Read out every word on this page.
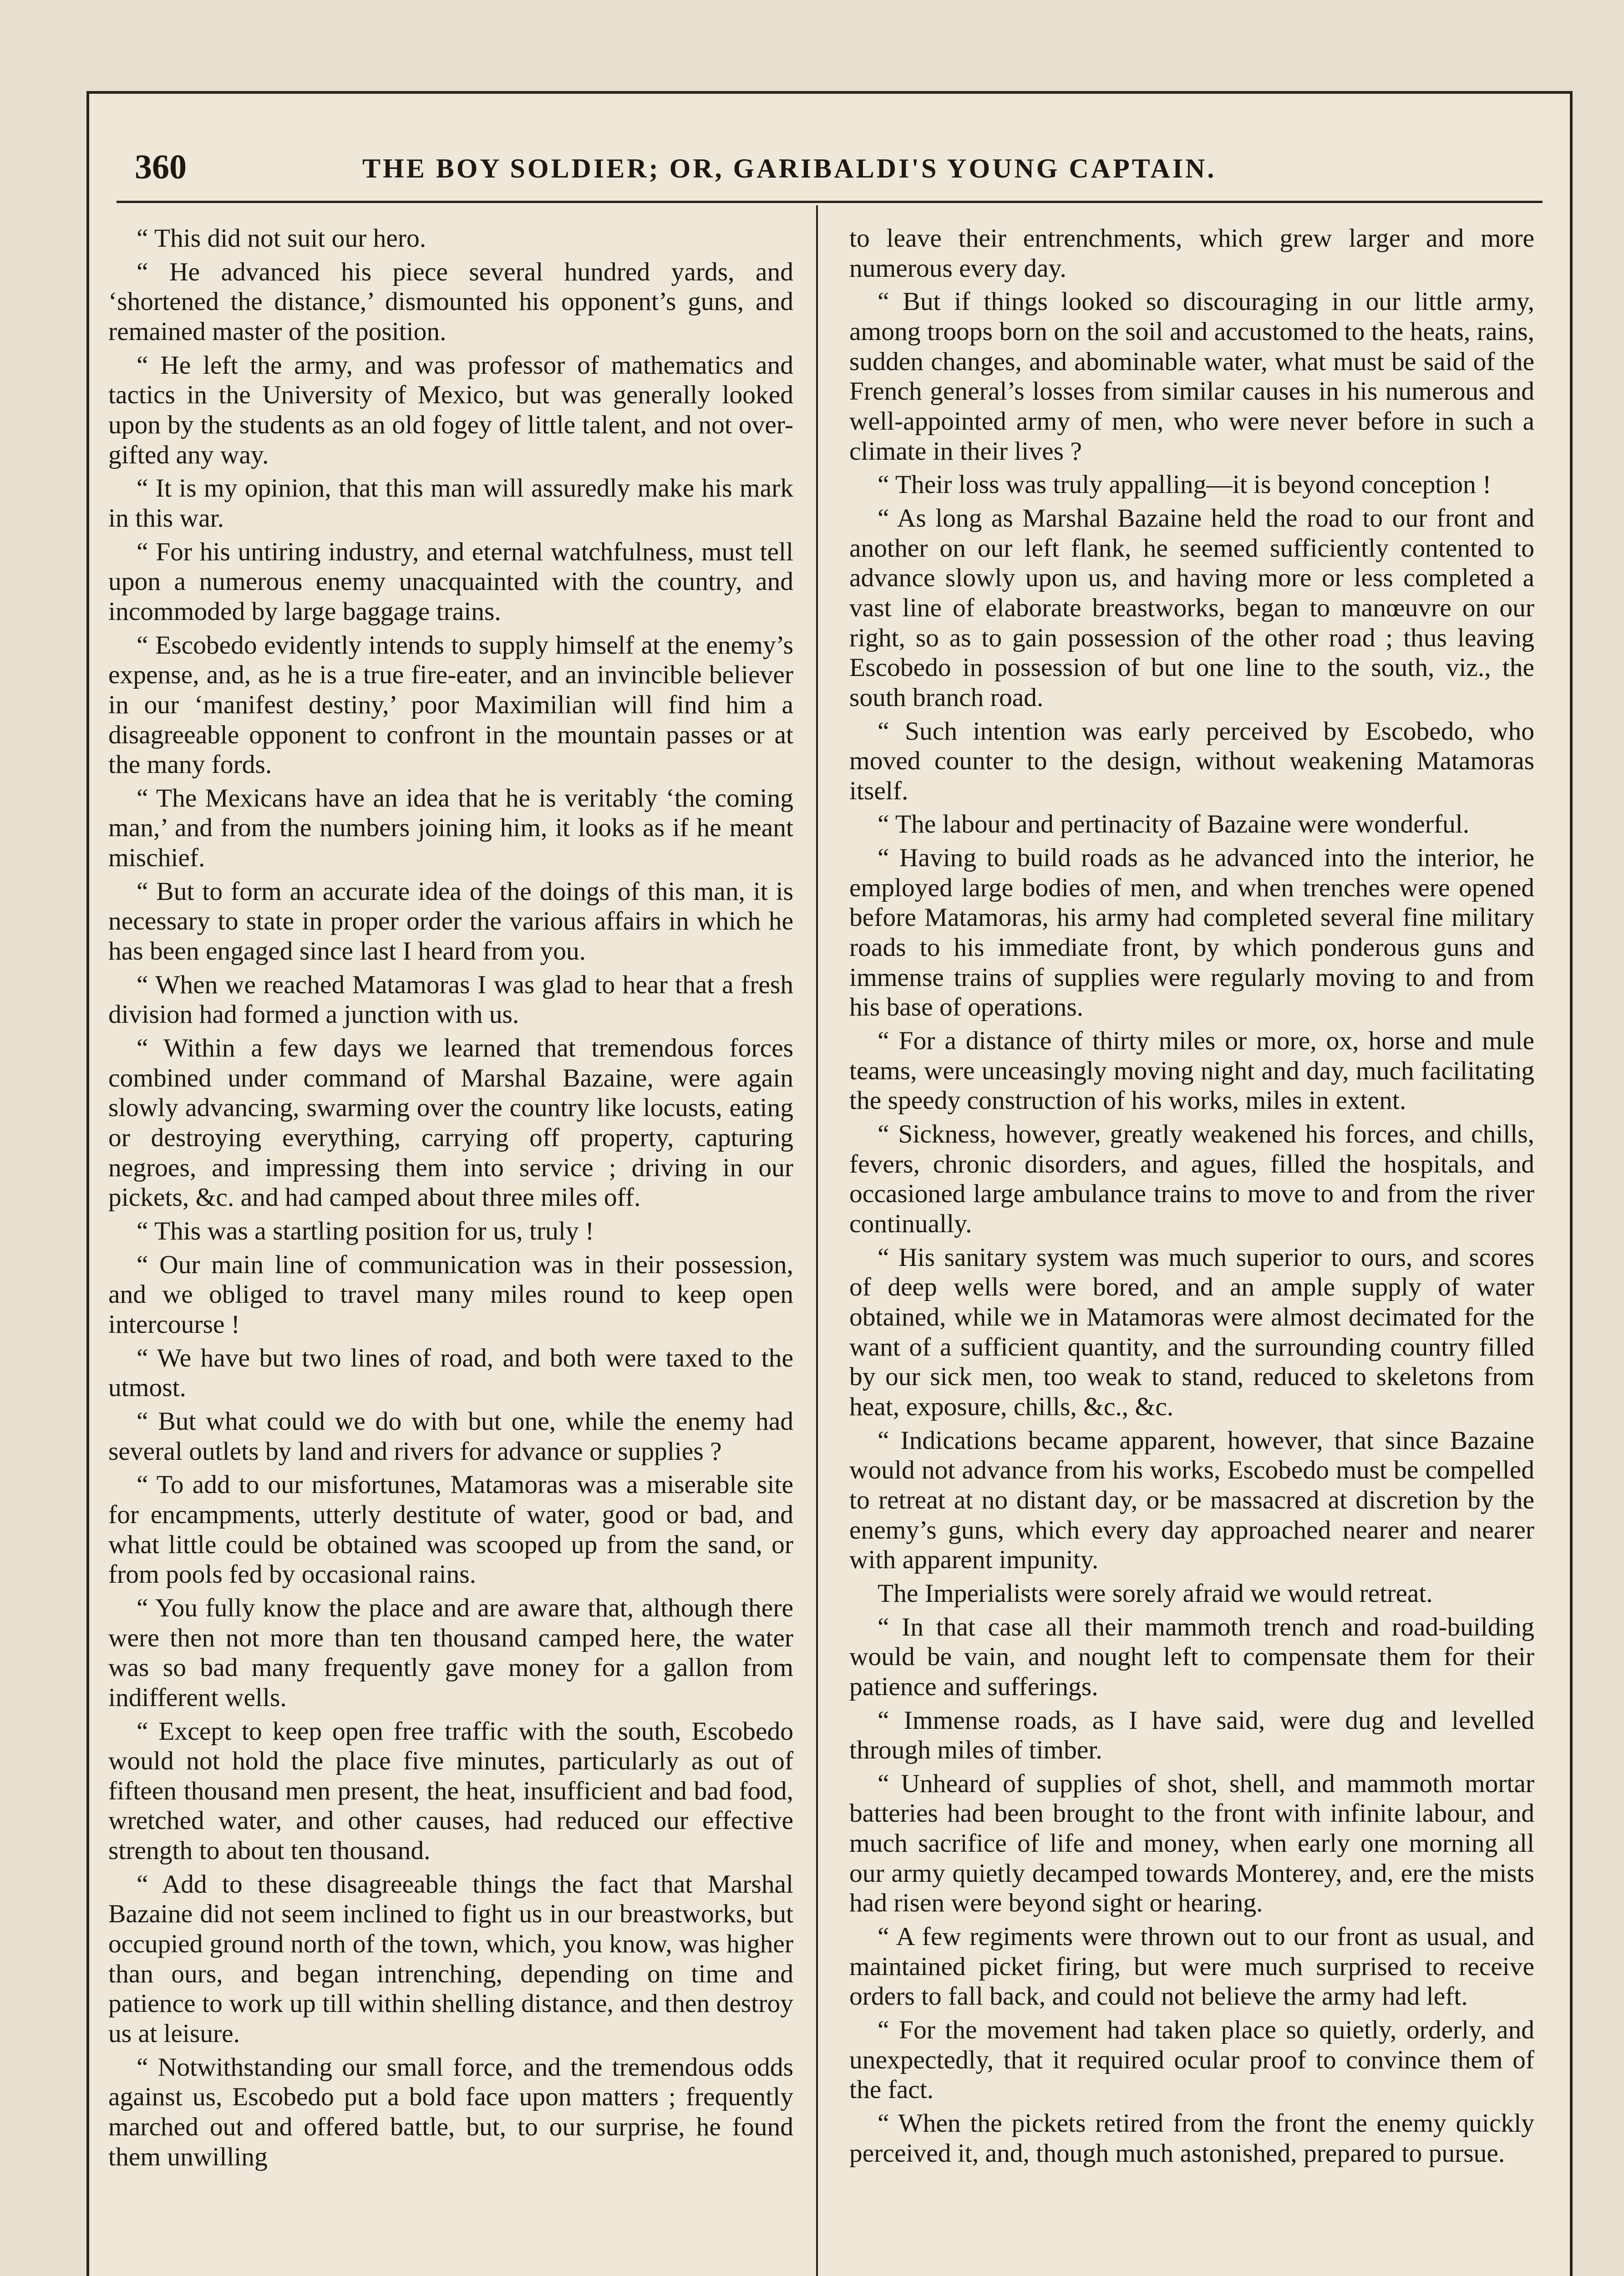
360	THE BOY SOLDIER; OR, GARIBALDI'S YOUNG CAPTAIN.

“ This did not suit our hero.

“ He advanced his piece several hundred yards, and ‘shortened the distance,’ dismounted his opponent’s guns, and remained master of the position.

“ He left the army, and was professor of mathematics and tactics in the University of Mexico, but was generally looked upon by the students as an old fogey of little talent, and not over-gifted any way.

“ It is my opinion, that this man will assuredly make his mark in this war.

“ For his untiring industry, and eternal watchfulness, must tell upon a numerous enemy unacquainted with the country, and incommoded by large baggage trains.

“ Escobedo evidently intends to supply himself at the enemy’s expense, and, as he is a true fire-eater, and an invincible believer in our ‘manifest destiny,’ poor Maximilian will find him a disagreeable opponent to confront in the mountain passes or at the many fords.

“ The Mexicans have an idea that he is veritably ‘the coming man,’ and from the numbers joining him, it looks as if he meant mischief.

“ But to form an accurate idea of the doings of this man, it is necessary to state in proper order the various affairs in which he has been engaged since last I heard from you.

“ When we reached Matamoras I was glad to hear that a fresh division had formed a junction with us.

“ Within a few days we learned that tremendous forces combined under command of Marshal Bazaine, were again slowly advancing, swarming over the country like locusts, eating or destroying everything, carrying off property, capturing negroes, and impressing them into service ; driving in our pickets, &c. and had camped about three miles off.

“ This was a startling position for us, truly !

“ Our main line of communication was in their possession, and we obliged to travel many miles round to keep open intercourse !

“ We have but two lines of road, and both were taxed to the utmost.

“ But what could we do with but one, while the enemy had several outlets by land and rivers for advance or supplies ?

“ To add to our misfortunes, Matamoras was a miserable site for encampments, utterly destitute of water, good or bad, and what little could be obtained was scooped up from the sand, or from pools fed by occasional rains.

“ You fully know the place and are aware that, although there were then not more than ten thousand camped here, the water was so bad many frequently gave money for a gallon from indifferent wells.

“ Except to keep open free traffic with the south, Escobedo would not hold the place five minutes, particularly as out of fifteen thousand men present, the heat, insufficient and bad food, wretched water, and other causes, had reduced our effective strength to about ten thousand.

“ Add to these disagreeable things the fact that Marshal Bazaine did not seem inclined to fight us in our breastworks, but occupied ground north of the town, which, you know, was higher than ours, and began intrenching, depending on time and patience to work up till within shelling distance, and then destroy us at leisure.

“ Notwithstanding our small force, and the tremendous odds against us, Escobedo put a bold face upon matters ; frequently marched out and offered battle, but, to our surprise, he found them unwilling

to leave their entrenchments, which grew larger and more numerous every day.

“ But if things looked so discouraging in our little army, among troops born on the soil and accustomed to the heats, rains, sudden changes, and abominable water, what must be said of the French general’s losses from similar causes in his numerous and well-appointed army of men, who were never before in such a climate in their lives ?

“ Their loss was truly appalling—it is beyond conception !

“ As long as Marshal Bazaine held the road to our front and another on our left flank, he seemed sufficiently contented to advance slowly upon us, and having more or less completed a vast line of elaborate breastworks, began to manœuvre on our right, so as to gain possession of the other road ; thus leaving Escobedo in possession of but one line to the south, viz., the south branch road.

“ Such intention was early perceived by Escobedo, who moved counter to the design, without weakening Matamoras itself.

“ The labour and pertinacity of Bazaine were wonderful.

“ Having to build roads as he advanced into the interior, he employed large bodies of men, and when trenches were opened before Matamoras, his army had completed several fine military roads to his immediate front, by which ponderous guns and immense trains of supplies were regularly moving to and from his base of operations.

“ For a distance of thirty miles or more, ox, horse and mule teams, were unceasingly moving night and day, much facilitating the speedy construction of his works, miles in extent.

“ Sickness, however, greatly weakened his forces, and chills, fevers, chronic disorders, and agues, filled the hospitals, and occasioned large ambulance trains to move to and from the river continually.

“ His sanitary system was much superior to ours, and scores of deep wells were bored, and an ample supply of water obtained, while we in Matamoras were almost decimated for the want of a sufficient quantity, and the surrounding country filled by our sick men, too weak to stand, reduced to skeletons from heat, exposure, chills, &c., &c.

“ Indications became apparent, however, that since Bazaine would not advance from his works, Escobedo must be compelled to retreat at no distant day, or be massacred at discretion by the enemy’s guns, which every day approached nearer and nearer with apparent impunity.

The Imperialists were sorely afraid we would retreat.

“ In that case all their mammoth trench and road-building would be vain, and nought left to compensate them for their patience and sufferings.

“ Immense roads, as I have said, were dug and levelled through miles of timber.

“ Unheard of supplies of shot, shell, and mammoth mortar batteries had been brought to the front with infinite labour, and much sacrifice of life and money, when early one morning all our army quietly decamped towards Monterey, and, ere the mists had risen were beyond sight or hearing.

“ A few regiments were thrown out to our front as usual, and maintained picket firing, but were much surprised to receive orders to fall back, and could not believe the army had left.

“ For the movement had taken place so quietly, orderly, and unexpectedly, that it required ocular proof to convince them of the fact.

“ When the pickets retired from the front the enemy quickly perceived it, and, though much astonished, prepared to pursue.
